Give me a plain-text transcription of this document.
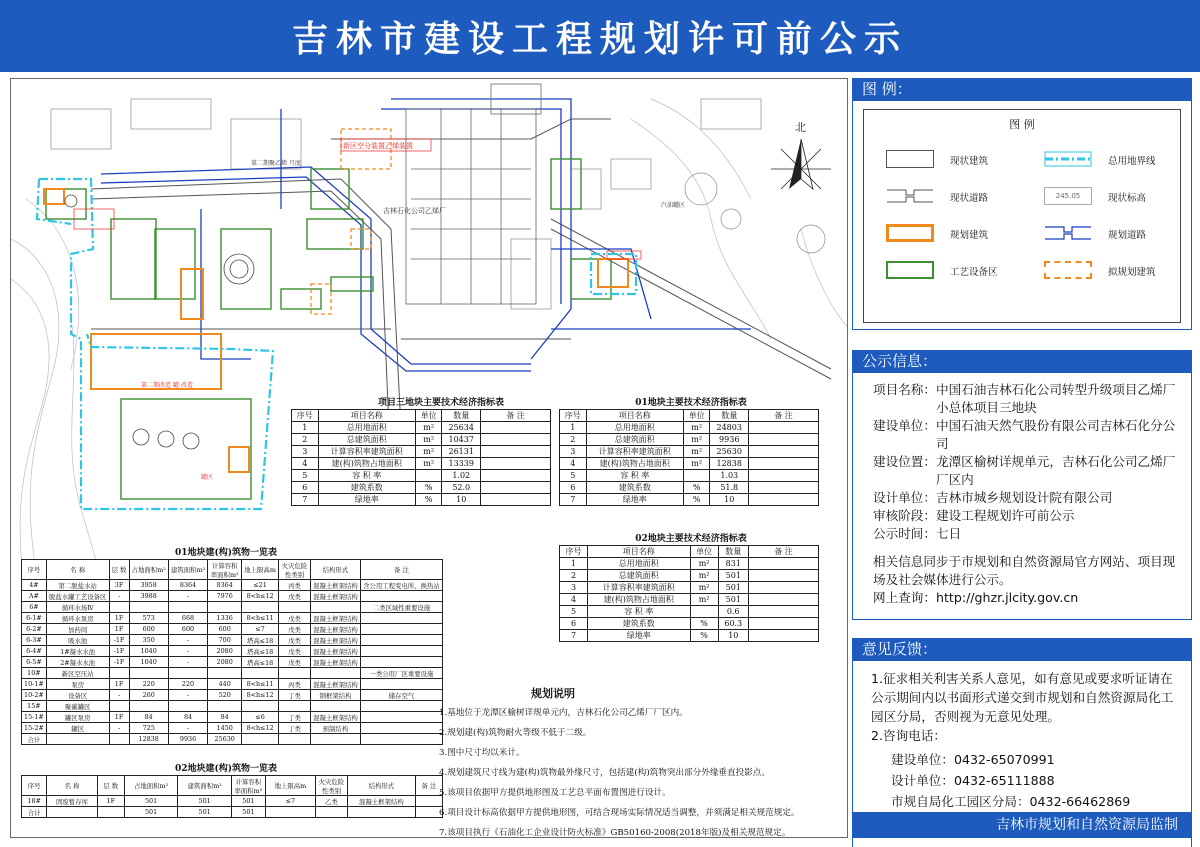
吉林市建设工程规划许可前公示
吉林石化公司乙烯厂
新区空分装置乙烯装置
第二期聚乙烯 月度
汽油罐区
罐区
第二期改造 罐 改造
北
项目三地块主要技术经济指标表
序号	项目名称	单位	数量	备 注
1	总用地面积	m²	25634	
2	总建筑面积	m²	10437	
3	计算容积率建筑面积	m²	26131	
4	建(构)筑物占地面积	m²	13339	
5	容 积 率		1.02	
6	建筑系数	%	52.0	
7	绿地率	%	10	
01地块主要技术经济指标表
序号	项目名称	单位	数量	备 注
1	总用地面积	m²	24803	
2	总建筑面积	m²	9936	
3	计算容积率建筑面积	m²	25630	
4	建(构)筑物占地面积	m²	12838	
5	容 积 率		1.03	
6	建筑系数	%	51.8	
7	绿地率	%	10	
02地块主要技术经济指标表
序号	项目名称	单位	数量	备 注
1	总用地面积	m²	831	
2	总建筑面积	m²	501	
3	计算容积率建筑面积	m²	501	
4	建(构)筑物占地面积	m²	501	
5	容 积 率		0.6	
6	建筑系数	%	60.3	
7	绿地率	%	10	
01地块建(构)筑物一览表
序号	名 称	层 数	占地面积m²	建筑面积m²	计算容积率面积m²	地上限高m	火灾危险性类别	结构形式	备 注
4#	第二脱盐水站	3F	3958	8364	8364	≤21	丙类	混凝土框架结构	含公用工程变电所、换热站
A#	脱盐水罐工艺设备区	-	3988	-	7976	8<h≤12	戊类	混凝土框架结构	
6#	循环水场Ⅳ								二类区域性重要设施
6-1#	循环水泵房	1F	573	668	1336	8<h≤11	戊类	混凝土框架结构	
6-2#	加药间	1F	600	600	600	≤7	戊类	混凝土框架结构	
6-3#	吸水池	-1F	350	-	700	塔高≤18	戊类	混凝土框架结构	
6-4#	1#凝水水池	-1F	1040	-	2080	塔高≤18	戊类	混凝土框架结构	
6-5#	2#凝水水池	-1F	1040	-	2080	塔高≤18	戊类	混凝土框架结构	
10#	新区空压站								一类公用厂区重要设施
10-1#	泵房	1F	220	220	440	8<h≤11	丙类	混凝土框架结构	
10-2#	设备区	-	260	-	520	8<h≤12	丁类	钢框架结构	储存空气
15#	聚碳罐区								
15-1#	罐区泵房	1F	84	84	84	≤6	丁类	混凝土框架结构	
15-2#	罐区	-	725	-	1450	8<h≤12	丁类	预制结构	
合计			12838	9936	25630				
02地块建(构)筑物一览表
序号	名 称	层 数	占地面积m²	建筑面积m²	计算容积率面积m²	地上限高m	火灾危险性类别	结构形式	备 注
18#	固废暂存库	1F	501	501	501	≤7	乙类	混凝土框架结构	
合计			501	501	501				
规划说明
1.基地位于龙潭区榆树详规单元内，吉林石化公司乙烯厂厂区内。
2.规划建(构)筑物耐火等级不低于二级。
3.图中尺寸均以米计。
4.规划建筑尺寸线为建(构)筑物最外缘尺寸，包括建(构)筑物突出部分外缘垂直投影点。
5.该项目依据甲方提供地形图及工艺总平面布置图进行设计。
6.项目设计标高依据甲方提供地形图，可结合现场实际情况适当调整，并须满足相关规范规定。
7.该项目执行《石油化工企业设计防火标准》GB50160-2008(2018年版)及相关规范规定。
图 例：
图 例
现状建筑	总用地界线
现状道路	245.05	现状标高
规划建筑	规划道路
工艺设备区	拟规划建筑
公示信息：
项目名称： 中国石油吉林石化公司转型升级项目乙烯厂小总体项目三地块
建设单位： 中国石油天然气股份有限公司吉林石化分公司
建设位置： 龙潭区榆树详规单元，吉林石化公司乙烯厂厂区内
设计单位： 吉林市城乡规划设计院有限公司
审核阶段： 建设工程规划许可前公示
公示时间： 七日
相关信息同步于市规划和自然资源局官方网站、项目现场及社会媒体进行公示。
网上查询：http://ghzr.jlcity.gov.cn
意见反馈：
1.征求相关利害关系人意见，如有意见或要求听证请在公示期间内以书面形式递交到市规划和自然资源局化工园区分局，否则视为无意见处理。
2.咨询电话：
建设单位：0432-65070991
设计单位：0432-65111888
市规自局化工园区分局：0432-66462869
吉林市规划和自然资源局监制
